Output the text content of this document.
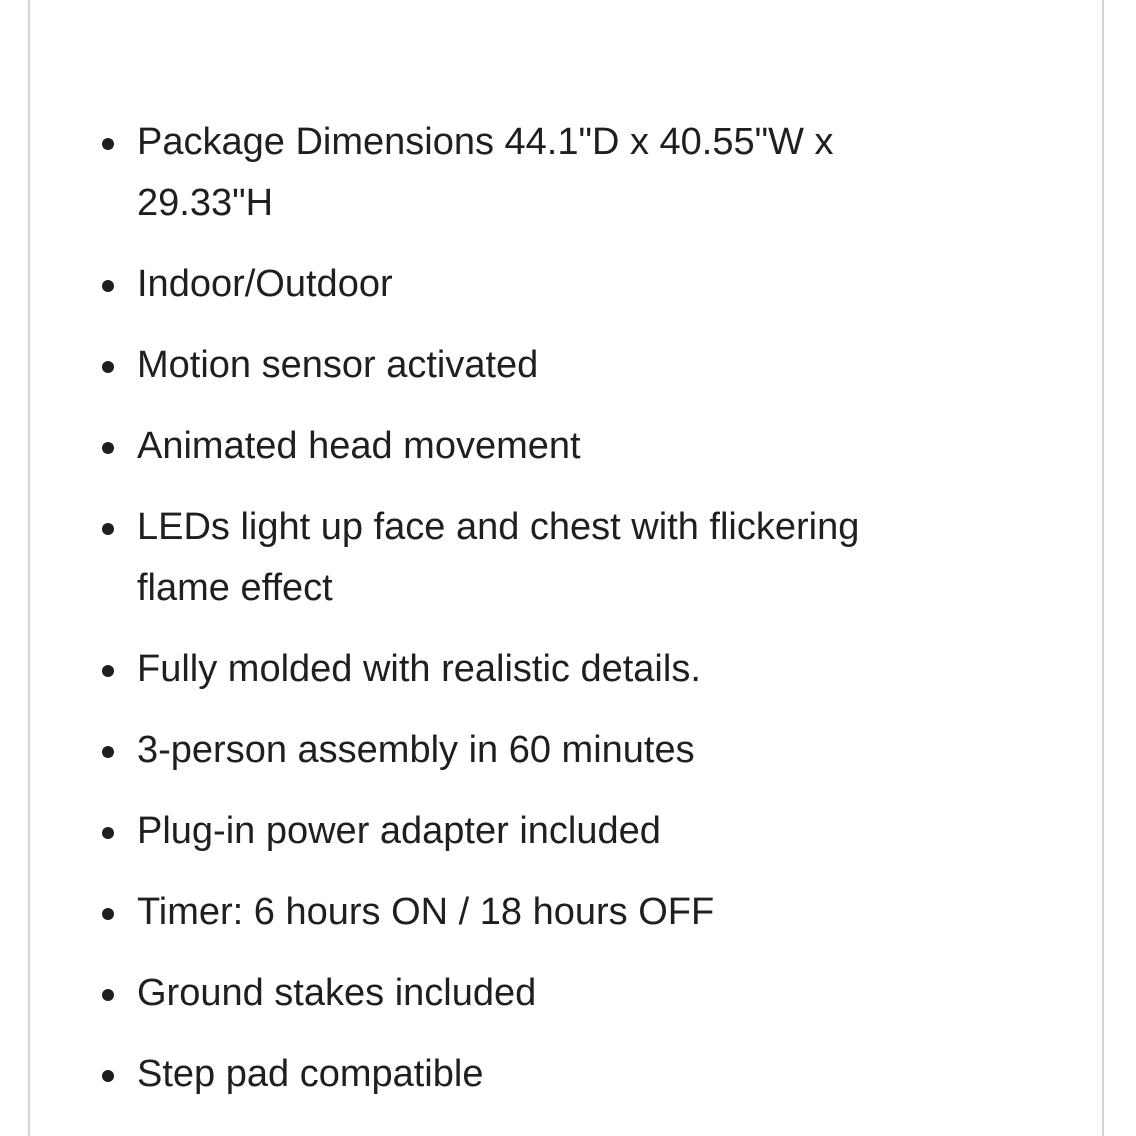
Package Dimensions 44.1"D x 40.55"W x 29.33"H
Indoor/Outdoor
Motion sensor activated
Animated head movement
LEDs light up face and chest with flickering flame effect
Fully molded with realistic details.
3-person assembly in 60 minutes
Plug-in power adapter included
Timer: 6 hours ON / 18 hours OFF
Ground stakes included
Step pad compatible
